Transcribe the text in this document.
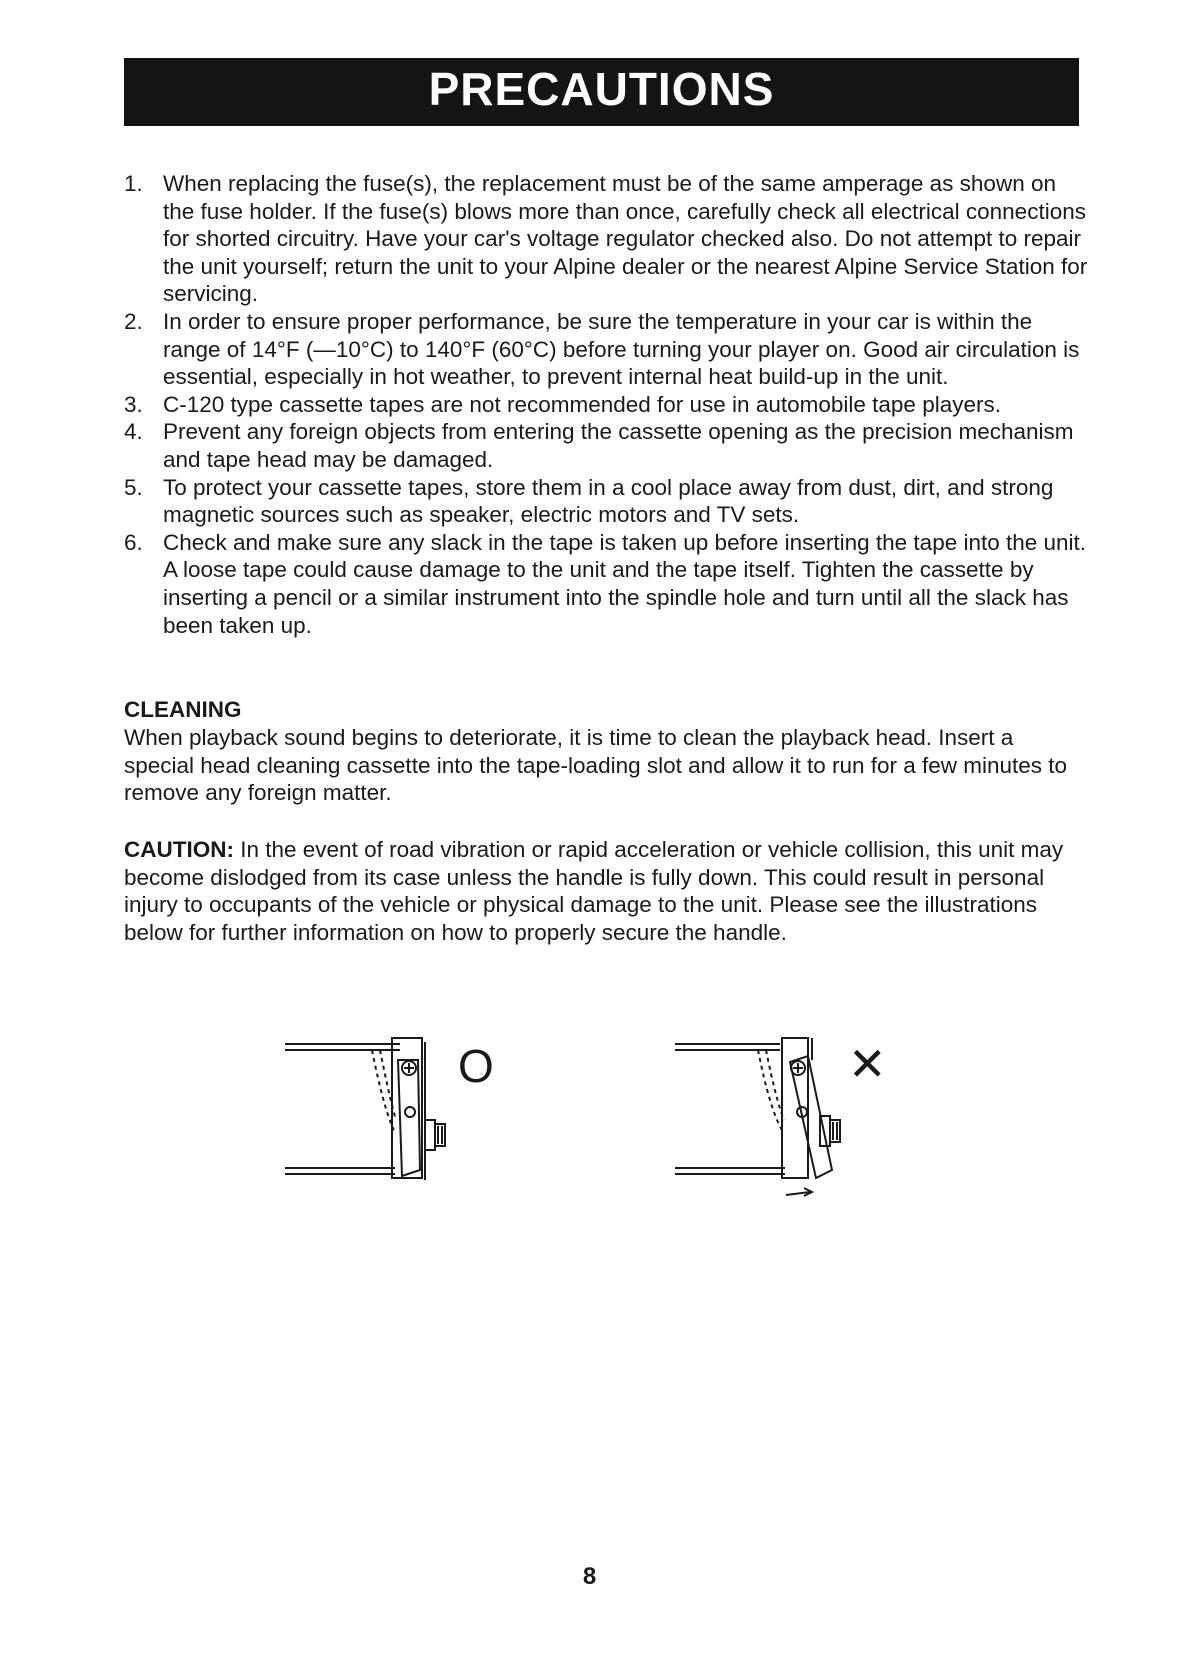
PRECAUTIONS
1. When replacing the fuse(s), the replacement must be of the same amperage as shown on the fuse holder. If the fuse(s) blows more than once, carefully check all electrical connections for shorted circuitry. Have your car's voltage regulator checked also. Do not attempt to repair the unit yourself; return the unit to your Alpine dealer or the nearest Alpine Service Station for servicing.
2. In order to ensure proper performance, be sure the temperature in your car is within the range of 14°F (—10°C) to 140°F (60°C) before turning your player on. Good air circulation is essential, especially in hot weather, to prevent internal heat build-up in the unit.
3. C-120 type cassette tapes are not recommended for use in automobile tape players.
4. Prevent any foreign objects from entering the cassette opening as the precision mechanism and tape head may be damaged.
5. To protect your cassette tapes, store them in a cool place away from dust, dirt, and strong magnetic sources such as speaker, electric motors and TV sets.
6. Check and make sure any slack in the tape is taken up before inserting the tape into the unit. A loose tape could cause damage to the unit and the tape itself. Tighten the cassette by inserting a pencil or a similar instrument into the spindle hole and turn until all the slack has been taken up.
CLEANING

When playback sound begins to deteriorate, it is time to clean the playback head. Insert a special head cleaning cassette into the tape-loading slot and allow it to run for a few minutes to remove any foreign matter.

CAUTION: In the event of road vibration or rapid acceleration or vehicle collision, this unit may become dislodged from its case unless the handle is fully down. This could result in personal injury to occupants of the vehicle or physical damage to the unit. Please see the illustrations below for further information on how to properly secure the handle.

O	✕
8
